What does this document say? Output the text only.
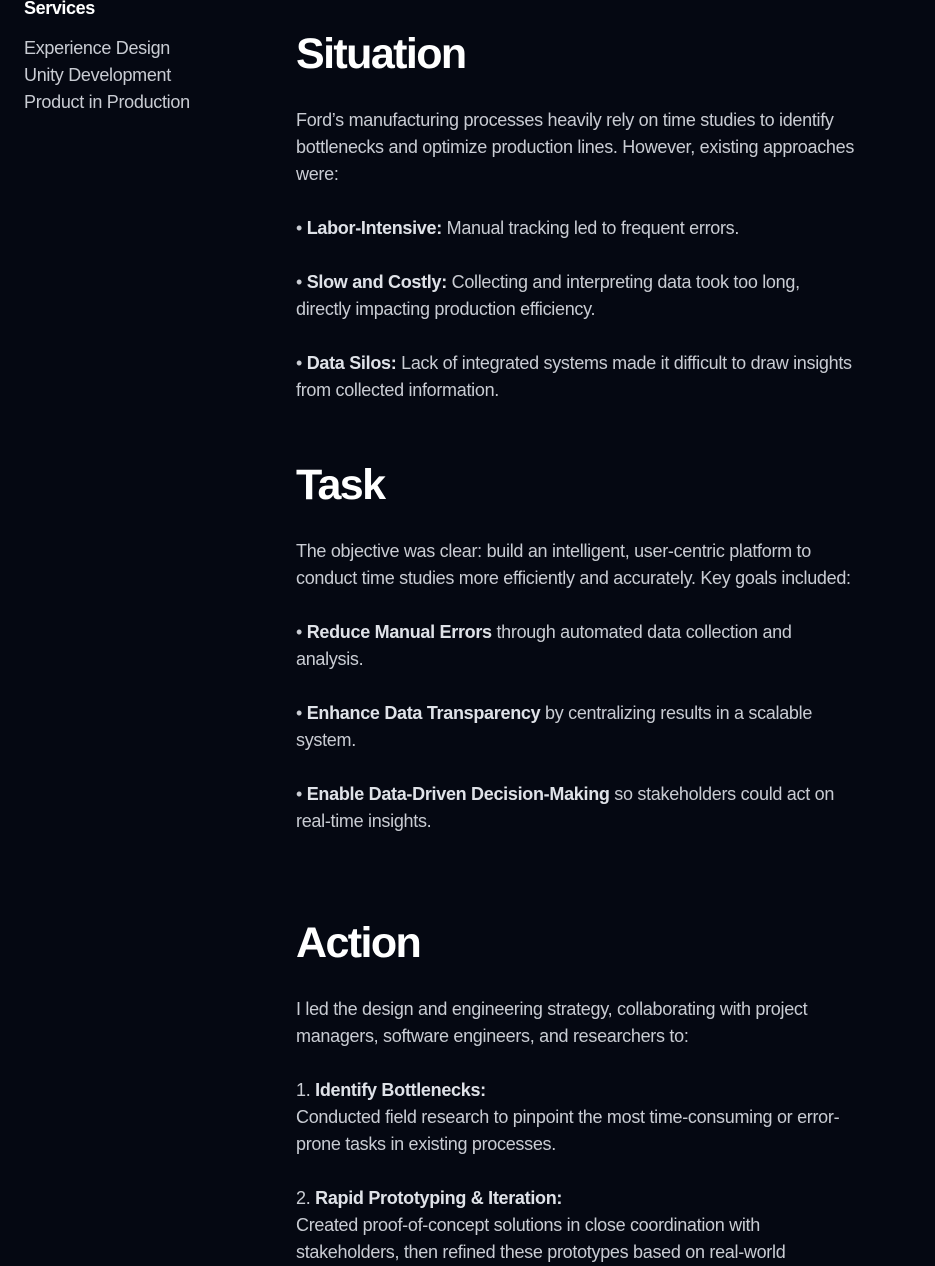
Services
Experience Design
Unity Development
Product in Production
Situation

Ford’s manufacturing processes heavily rely on time studies to identify bottlenecks and optimize production lines. However, existing approaches were:

• Labor-Intensive: Manual tracking led to frequent errors.

• Slow and Costly: Collecting and interpreting data took too long, directly impacting production efficiency.

• Data Silos: Lack of integrated systems made it difficult to draw insights from collected information.

Task

The objective was clear: build an intelligent, user-centric platform to conduct time studies more efficiently and accurately. Key goals included:

• Reduce Manual Errors through automated data collection and analysis.

• Enhance Data Transparency by centralizing results in a scalable system.

• Enable Data-Driven Decision-Making so stakeholders could act on real-time insights.

Action

I led the design and engineering strategy, collaborating with project managers, software engineers, and researchers to:

1. Identify Bottlenecks:

Conducted field research to pinpoint the most time-consuming or error-prone tasks in existing processes.

2. Rapid Prototyping & Iteration:

Created proof-of-concept solutions in close coordination with stakeholders, then refined these prototypes based on real-world
